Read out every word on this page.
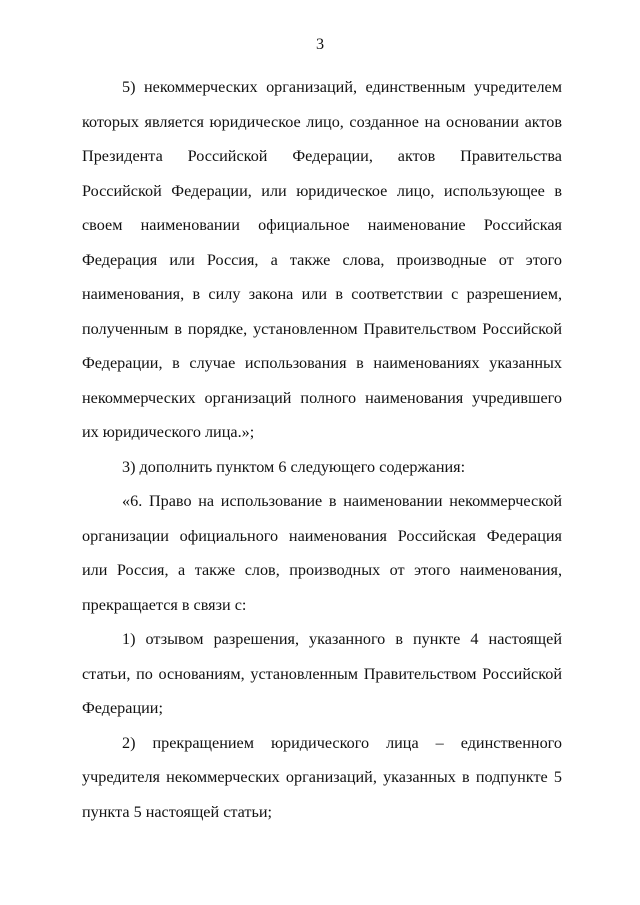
3

5) некоммерческих организаций, единственным учредителем которых является юридическое лицо, созданное на основании актов Президента Российской Федерации, актов Правительства Российской Федерации, или юридическое лицо, использующее в своем наименовании официальное наименование Российская Федерация или Россия, а также слова, производные от этого наименования, в силу закона или в соответствии с разрешением, полученным в порядке, установленном Правительством Российской Федерации, в случае использования в наименованиях указанных некоммерческих организаций полного наименования учредившего их юридического лица.»;

3) дополнить пунктом 6 следующего содержания:

«6. Право на использование в наименовании некоммерческой организации официального наименования Российская Федерация или Россия, а также слов, производных от этого наименования, прекращается в связи с:

1) отзывом разрешения, указанного в пункте 4 настоящей статьи, по основаниям, установленным Правительством Российской Федерации;

2) прекращением юридического лица – единственного учредителя некоммерческих организаций, указанных в подпункте 5 пункта 5 настоящей статьи;
